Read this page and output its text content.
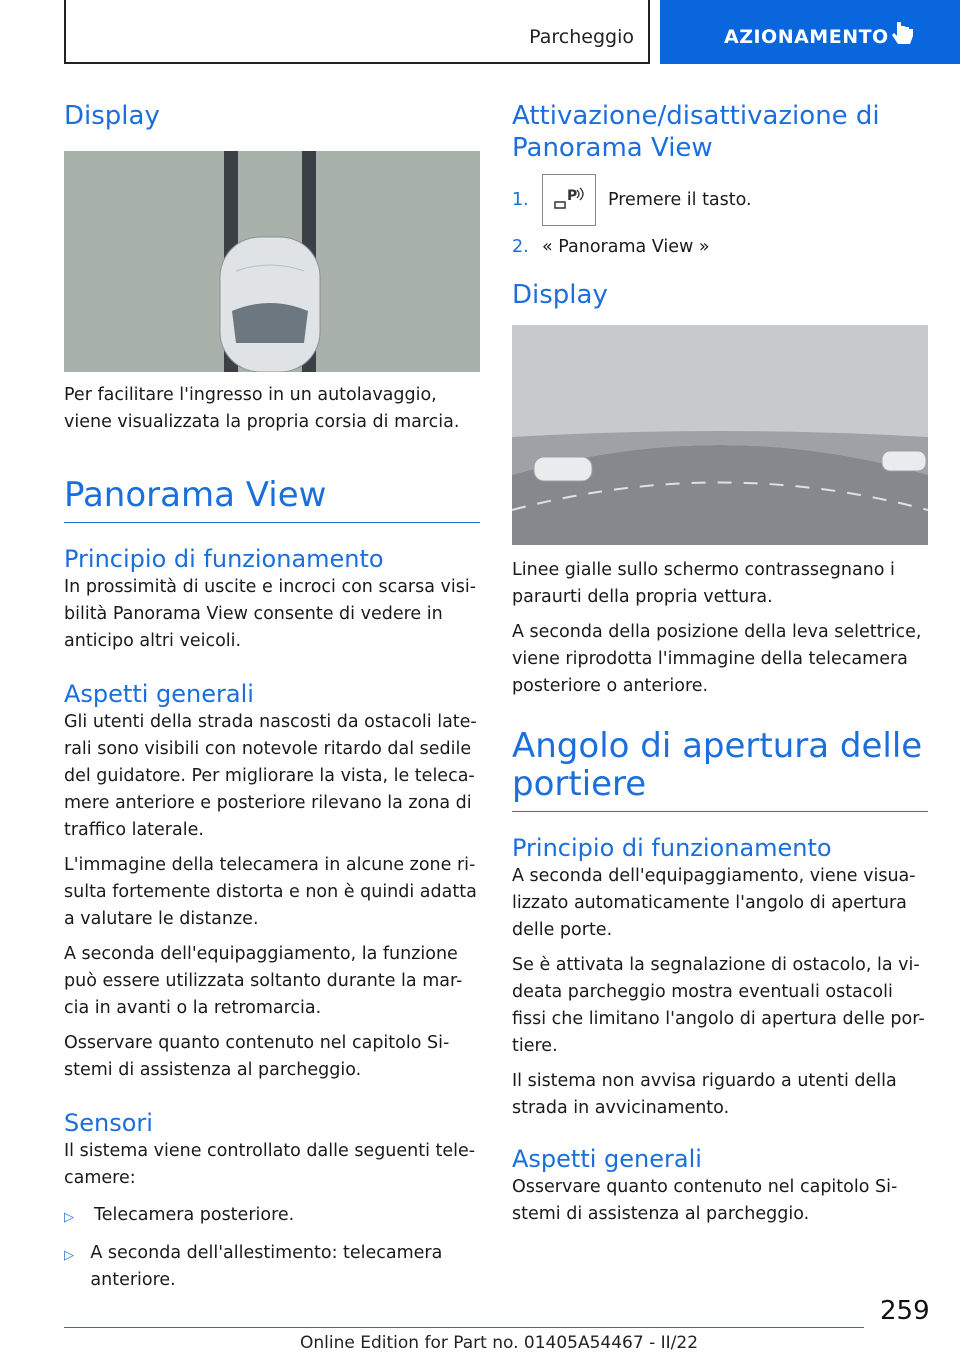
Parcheggio	AZIONAMENTO
Display

Per facilitare l'ingresso in un autolavaggio, viene visualizzata la propria corsia di marcia.

Panorama View
Principio di funzionamento

In prossimità di uscite e incroci con scarsa visi-bilità Panorama View consente di vedere in anticipo altri veicoli.

Aspetti generali

Gli utenti della strada nascosti da ostacoli late-rali sono visibili con notevole ritardo dal sedile del guidatore. Per migliorare la vista, le teleca-mere anteriore e posteriore rilevano la zona di traffico laterale.

L'immagine della telecamera in alcune zone ri-sulta fortemente distorta e non è quindi adatta a valutare le distanze.

A seconda dell'equipaggiamento, la funzione può essere utilizzata soltanto durante la mar-cia in avanti o la retromarcia.

Osservare quanto contenuto nel capitolo Si-stemi di assistenza al parcheggio.

Sensori

Il sistema viene controllato dalle seguenti tele-camere:

▷	Telecamera posteriore.
▷ A seconda dell'allestimento: telecamera anteriore.
Attivazione/disattivazione di Panorama View
1.	P Premere il tasto.
2. « Panorama View »
Display

Linee gialle sullo schermo contrassegnano i paraurti della propria vettura.

A seconda della posizione della leva selettrice, viene riprodotta l'immagine della telecamera posteriore o anteriore.

Angolo di apertura delle portiere
Principio di funzionamento

A seconda dell'equipaggiamento, viene visua-lizzato automaticamente l'angolo di apertura delle porte.

Se è attivata la segnalazione di ostacolo, la vi-deata parcheggio mostra eventuali ostacoli fissi che limitano l'angolo di apertura delle por-tiere.

Il sistema non avvisa riguardo a utenti della strada in avvicinamento.

Aspetti generali

Osservare quanto contenuto nel capitolo Si-stemi di assistenza al parcheggio.

259
Online Edition for Part no. 01405A54467 - II/22
